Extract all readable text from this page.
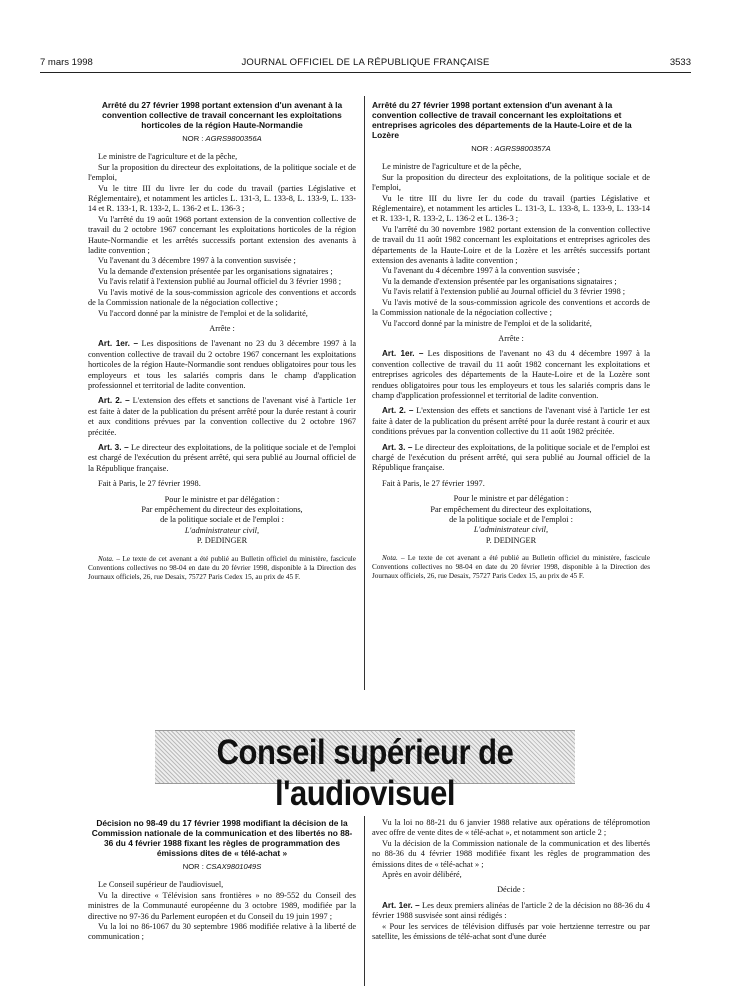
7 mars 1998	JOURNAL OFFICIEL DE LA RÉPUBLIQUE FRANÇAISE	3533
Arrêté du 27 février 1998 portant extension d'un avenant à la convention collective de travail concernant les exploitations horticoles de la région Haute-Normandie
NOR : AGRS9800356A

Le ministre de l'agriculture et de la pêche,

Sur la proposition du directeur des exploitations, de la politique sociale et de l'emploi,

Vu le titre III du livre Ier du code du travail (parties Législative et Réglementaire), et notamment les articles L. 131-3, L. 133-8, L. 133-9, L. 133-14 et R. 133-1, R. 133-2, L. 136-2 et L. 136-3 ;

Vu l'arrêté du 19 août 1968 portant extension de la convention collective de travail du 2 octobre 1967 concernant les exploitations horticoles de la région Haute-Normandie et les arrêtés successifs portant extension des avenants à ladite convention ;

Vu l'avenant du 3 décembre 1997 à la convention susvisée ;

Vu la demande d'extension présentée par les organisations signataires ;

Vu l'avis relatif à l'extension publié au Journal officiel du 3 février 1998 ;

Vu l'avis motivé de la sous-commission agricole des conventions et accords de la Commission nationale de la négociation collective ;

Vu l'accord donné par la ministre de l'emploi et de la solidarité,

Arrête :

Art. 1er. – Les dispositions de l'avenant no 23 du 3 décembre 1997 à la convention collective de travail du 2 octobre 1967 concernant les exploitations horticoles de la région Haute-Normandie sont rendues obligatoires pour tous les employeurs et tous les salariés compris dans le champ d'application professionnel et territorial de ladite convention.

Art. 2. – L'extension des effets et sanctions de l'avenant visé à l'article 1er est faite à dater de la publication du présent arrêté pour la durée restant à courir et aux conditions prévues par la convention collective du 2 octobre 1967 précitée.

Art. 3. – Le directeur des exploitations, de la politique sociale et de l'emploi est chargé de l'exécution du présent arrêté, qui sera publié au Journal officiel de la République française.

Fait à Paris, le 27 février 1998.

Pour le ministre et par délégation :

Par empêchement du directeur des exploitations,

de la politique sociale et de l'emploi :

L'administrateur civil,

P. DEDINGER

Nota. – Le texte de cet avenant a été publié au Bulletin officiel du ministère, fascicule Conventions collectives no 98-04 en date du 20 février 1998, disponible à la Direction des Journaux officiels, 26, rue Desaix, 75727 Paris Cedex 15, au prix de 45 F.

Arrêté du 27 février 1998 portant extension d'un avenant à la convention collective de travail concernant les exploitations et entreprises agricoles des départements de la Haute-Loire et de la Lozère
NOR : AGRS9800357A

Le ministre de l'agriculture et de la pêche,

Sur la proposition du directeur des exploitations, de la politique sociale et de l'emploi,

Vu le titre III du livre Ier du code du travail (parties Législative et Réglementaire), et notamment les articles L. 131-3, L. 133-8, L. 133-9, L. 133-14 et R. 133-1, R. 133-2, L. 136-2 et L. 136-3 ;

Vu l'arrêté du 30 novembre 1982 portant extension de la convention collective de travail du 11 août 1982 concernant les exploitations et entreprises agricoles des départements de la Haute-Loire et de la Lozère et les arrêtés successifs portant extension des avenants à ladite convention ;

Vu l'avenant du 4 décembre 1997 à la convention susvisée ;

Vu la demande d'extension présentée par les organisations signataires ;

Vu l'avis relatif à l'extension publié au Journal officiel du 3 février 1998 ;

Vu l'avis motivé de la sous-commission agricole des conventions et accords de la Commission nationale de la négociation collective ;

Vu l'accord donné par la ministre de l'emploi et de la solidarité,

Arrête :

Art. 1er. – Les dispositions de l'avenant no 43 du 4 décembre 1997 à la convention collective de travail du 11 août 1982 concernant les exploitations et entreprises agricoles des départements de la Haute-Loire et de la Lozère sont rendues obligatoires pour tous les employeurs et tous les salariés compris dans le champ d'application professionnel et territorial de ladite convention.

Art. 2. – L'extension des effets et sanctions de l'avenant visé à l'article 1er est faite à dater de la publication du présent arrêté pour la durée restant à courir et aux conditions prévues par la convention collective du 11 août 1982 précitée.

Art. 3. – Le directeur des exploitations, de la politique sociale et de l'emploi est chargé de l'exécution du présent arrêté, qui sera publié au Journal officiel de la République française.

Fait à Paris, le 27 février 1997.

Pour le ministre et par délégation :

Par empêchement du directeur des exploitations,

de la politique sociale et de l'emploi :

L'administrateur civil,

P. DEDINGER

Nota. – Le texte de cet avenant a été publié au Bulletin officiel du ministère, fascicule Conventions collectives no 98-04 en date du 20 février 1998, disponible à la Direction des Journaux officiels, 26, rue Desaix, 75727 Paris Cedex 15, au prix de 45 F.

Conseil supérieur de l'audiovisuel
Décision no 98-49 du 17 février 1998 modifiant la décision de la Commission nationale de la communication et des libertés no 88-36 du 4 février 1988 fixant les règles de programmation des émissions dites de « télé-achat »
NOR : CSAX9801049S

Le Conseil supérieur de l'audiovisuel,

Vu la directive « Télévision sans frontières » no 89-552 du Conseil des ministres de la Communauté européenne du 3 octobre 1989, modifiée par la directive no 97-36 du Parlement européen et du Conseil du 19 juin 1997 ;

Vu la loi no 86-1067 du 30 septembre 1986 modifiée relative à la liberté de communication ;

Vu la loi no 88-21 du 6 janvier 1988 relative aux opérations de télépromotion avec offre de vente dites de « télé-achat », et notamment son article 2 ;

Vu la décision de la Commission nationale de la communication et des libertés no 88-36 du 4 février 1988 modifiée fixant les règles de programmation des émissions dites de « télé-achat » ;

Après en avoir délibéré,

Décide :

Art. 1er. – Les deux premiers alinéas de l'article 2 de la décision no 88-36 du 4 février 1988 susvisée sont ainsi rédigés :

« Pour les services de télévision diffusés par voie hertzienne terrestre ou par satellite, les émissions de télé-achat sont d'une durée
